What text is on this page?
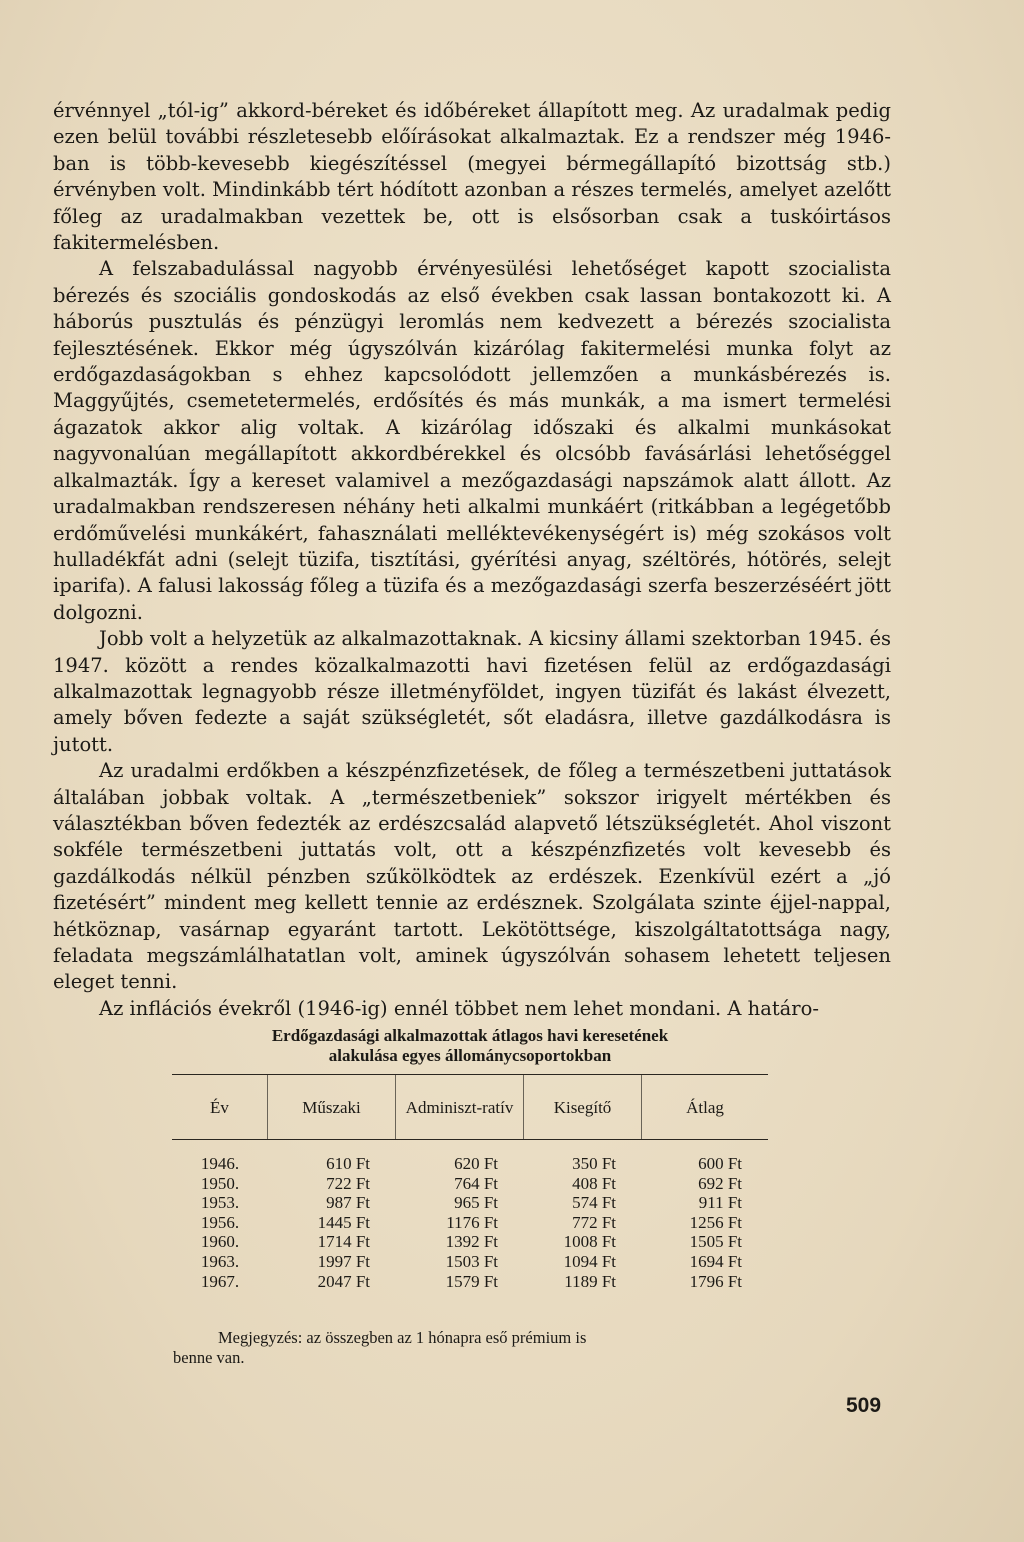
érvénnyel „tól-ig” akkord-béreket és időbéreket állapított meg. Az uradalmak pedig ezen belül további részletesebb előírásokat alkalmaztak. Ez a rendszer még 1946-ban is több-kevesebb kiegészítéssel (megyei bérmegállapító bizottság stb.) érvényben volt. Mindinkább tért hódított azonban a részes termelés, amelyet azelőtt főleg az uradalmakban vezettek be, ott is elsősorban csak a tuskóirtásos fakitermelésben.

A felszabadulással nagyobb érvényesülési lehetőséget kapott szocialista bérezés és szociális gondoskodás az első években csak lassan bontakozott ki. A háborús pusztulás és pénzügyi leromlás nem kedvezett a bérezés szocialista fejlesztésének. Ekkor még úgyszólván kizárólag fakitermelési munka folyt az erdőgazdaságokban s ehhez kapcsolódott jellemzően a munkásbérezés is. Maggyűjtés, csemetetermelés, erdősítés és más munkák, a ma ismert termelési ágazatok akkor alig voltak. A kizárólag időszaki és alkalmi munkásokat nagyvonalúan megállapított akkordbérekkel és olcsóbb favásárlási lehetőséggel alkalmazták. Így a kereset valamivel a mezőgazdasági napszámok alatt állott. Az uradalmakban rendszeresen néhány heti alkalmi munkáért (ritkábban a legégetőbb erdőművelési munkákért, fahasználati melléktevékenységért is) még szokásos volt hulladékfát adni (selejt tüzifa, tisztítási, gyérítési anyag, széltörés, hótörés, selejt iparifa). A falusi lakosság főleg a tüzifa és a mezőgazdasági szerfa beszerzéséért jött dolgozni.

Jobb volt a helyzetük az alkalmazottaknak. A kicsiny állami szektorban 1945. és 1947. között a rendes közalkalmazotti havi fizetésen felül az erdőgazdasági alkalmazottak legnagyobb része illetményföldet, ingyen tüzifát és lakást élvezett, amely bőven fedezte a saját szükségletét, sőt eladásra, illetve gazdálkodásra is jutott.

Az uradalmi erdőkben a készpénzfizetések, de főleg a természetbeni juttatások általában jobbak voltak. A „természetbeniek” sokszor irigyelt mértékben és választékban bőven fedezték az erdészcsalád alapvető létszükségletét. Ahol viszont sokféle természetbeni juttatás volt, ott a készpénzfizetés volt kevesebb és gazdálkodás nélkül pénzben szűkölködtek az erdészek. Ezenkívül ezért a „jó fizetésért” mindent meg kellett tennie az erdésznek. Szolgálata szinte éjjel-nappal, hétköznap, vasárnap egyaránt tartott. Lekötöttsége, kiszolgáltatottsága nagy, feladata megszámlálhatatlan volt, aminek úgyszólván sohasem lehetett teljesen eleget tenni.

Az inflációs évekről (1946-ig) ennél többet nem lehet mondani. A határo-

Erdőgazdasági alkalmazottak átlagos havi keresetének
alakulása egyes állománycsoportokban
Év	Műszaki	Adminiszt-ratív	Kisegítő	Átlag
1946.	610 Ft	620 Ft	350 Ft	600 Ft
1950.	722 Ft	764 Ft	408 Ft	692 Ft
1953.	987 Ft	965 Ft	574 Ft	911 Ft
1956.	1445 Ft	1176 Ft	772 Ft	1256 Ft
1960.	1714 Ft	1392 Ft	1008 Ft	1505 Ft
1963.	1997 Ft	1503 Ft	1094 Ft	1694 Ft
1967.	2047 Ft	1579 Ft	1189 Ft	1796 Ft
Megjegyzés: az összegben az 1 hónapra eső prémium is
benne van.
509
